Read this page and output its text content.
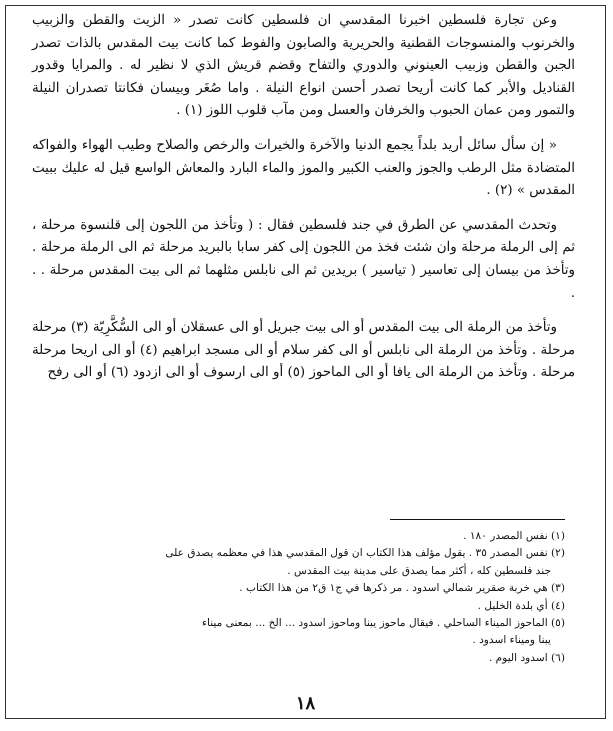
وعن تجارة فلسطين اخبرنا المقدسي ان فلسطين كانت تصدر « الزيت والقطن والزبيب والخرنوب والمنسوجات القطنية والحريرية والصابون والفوط كما كانت بيت المقدس بالذات تصدر الجبن والقطن وزبيب العينوني والدوري والتفاح وقضم قريش الذي لا نظير له . والمرايا وقدور القناديل والأبر كما كانت أريحا تصدر أحسن انواع النيلة . واما صُغَر وبيسان فكانتا تصدران النيلة والتمور ومن عمان الحبوب والخرفان والعسل ومن مآب قلوب اللوز (١) .

« إن سأل سائل أريد بلداً يجمع الدنيا والآخرة والخيرات والرخص والصلاح وطيب الهواء والفواكه المتضادة مثل الرطب والجوز والعنب الكبير والموز والماء البارد والمعاش الواسع قيل له عليك ببيت المقدس » (٢) .

وتحدث المقدسي عن الطرق في جند فلسطين فقال : ( وتأخذ من اللجون إلى قلنسوة مرحلة ، ثم إلى الرملة مرحلة وان شئت فخذ من اللجون إلى كفر سابا بالبريد مرحلة ثم الى الرملة مرحلة . وتأخذ من بيسان إلى تعاسير ( تياسير ) بريدين ثم الى نابلس مثلهما ثم الى بيت المقدس مرحلة . . .

وتأخذ من الرملة الى بيت المقدس أو الى بيت جبريل أو الى عسقلان أو الى السُّكَّرِيّة (٣) مرحلة مرحلة . وتأخذ من الرملة الى نابلس أو الى كفر سلام أو الى مسجد ابراهيم (٤) أو الى اريحا مرحلة مرحلة . وتأخذ من الرملة الى يافا أو الى الماحوز (٥) أو الى ارسوف أو الى ازدود (٦) أو الى رفح

(١) نفس المصدر ١٨٠ .

(٢) نفس المصدر ٣٥ . يقول مؤلف هذا الكتاب ان قول المقدسي هذا في معظمه يصدق على

جند فلسطين كله ، أكثر مما يصدق على مدينة بيت المقدس .

(٣) هي خربة صقرير شمالي اسدود . مر ذكرها في ج١ ق٢ من هذا الكتاب .

(٤) أي بلدة الخليل .

(٥) الماحوز الميناء الساحلي . فيقال ماحوز يبنا وماحوز اسدود ... الخ ... بمعنى ميناء

يبنا وميناء اسدود .

(٦) اسدود اليوم .

١٨
